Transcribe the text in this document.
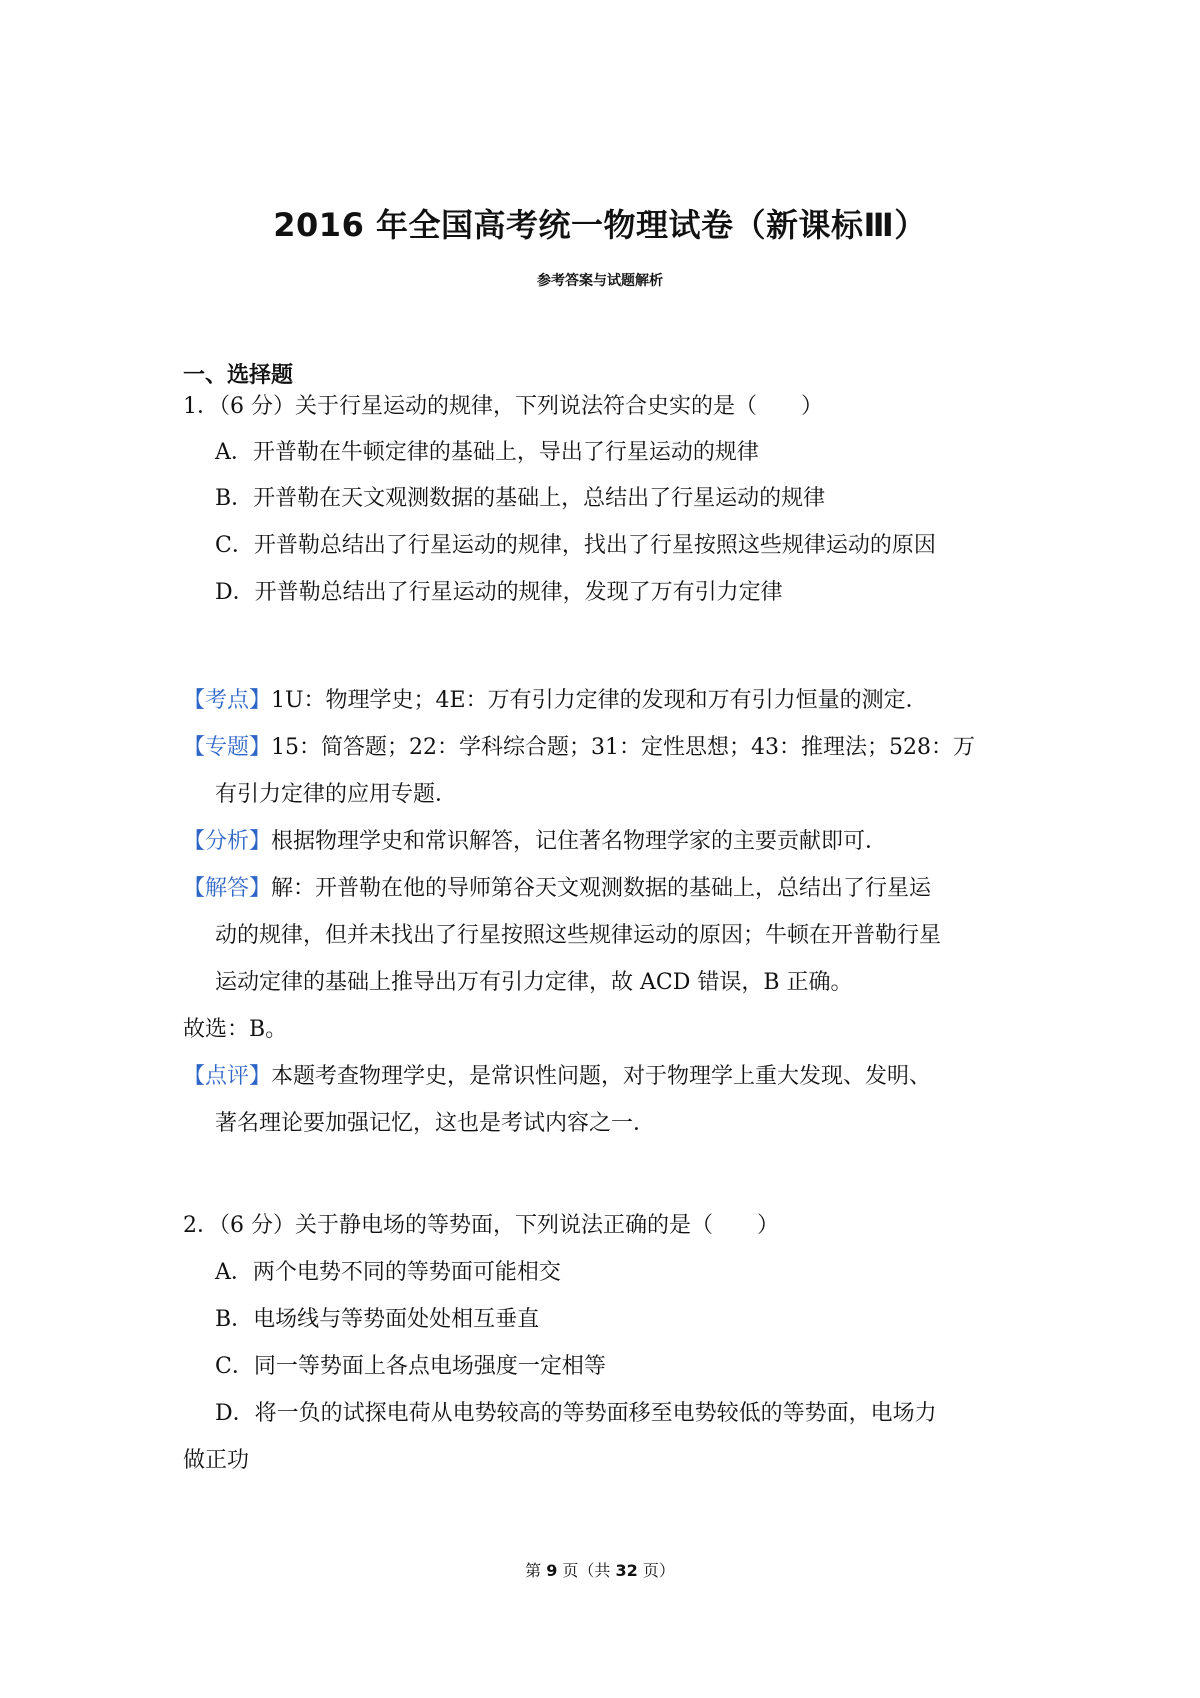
2016 年全国高考统一物理试卷（新课标Ⅲ）
参考答案与试题解析
一、选择题
1．（6 分）关于行星运动的规律，下列说法符合史实的是（　　）
A．开普勒在牛顿定律的基础上，导出了行星运动的规律
B．开普勒在天文观测数据的基础上，总结出了行星运动的规律
C．开普勒总结出了行星运动的规律，找出了行星按照这些规律运动的原因
D．开普勒总结出了行星运动的规律，发现了万有引力定律
【考点】1U：物理学史；4E：万有引力定律的发现和万有引力恒量的测定．
【专题】15：简答题；22：学科综合题；31：定性思想；43：推理法；528：万
有引力定律的应用专题．
【分析】根据物理学史和常识解答，记住著名物理学家的主要贡献即可．
【解答】解：开普勒在他的导师第谷天文观测数据的基础上，总结出了行星运
动的规律，但并未找出了行星按照这些规律运动的原因；牛顿在开普勒行星
运动定律的基础上推导出万有引力定律，故 ACD 错误，B 正确。
故选：B。
【点评】本题考查物理学史，是常识性问题，对于物理学上重大发现、发明、
著名理论要加强记忆，这也是考试内容之一．
2．（6 分）关于静电场的等势面，下列说法正确的是（　　）
A．两个电势不同的等势面可能相交
B．电场线与等势面处处相互垂直
C．同一等势面上各点电场强度一定相等
D．将一负的试探电荷从电势较高的等势面移至电势较低的等势面，电场力
做正功
第 9 页（共 32 页）
